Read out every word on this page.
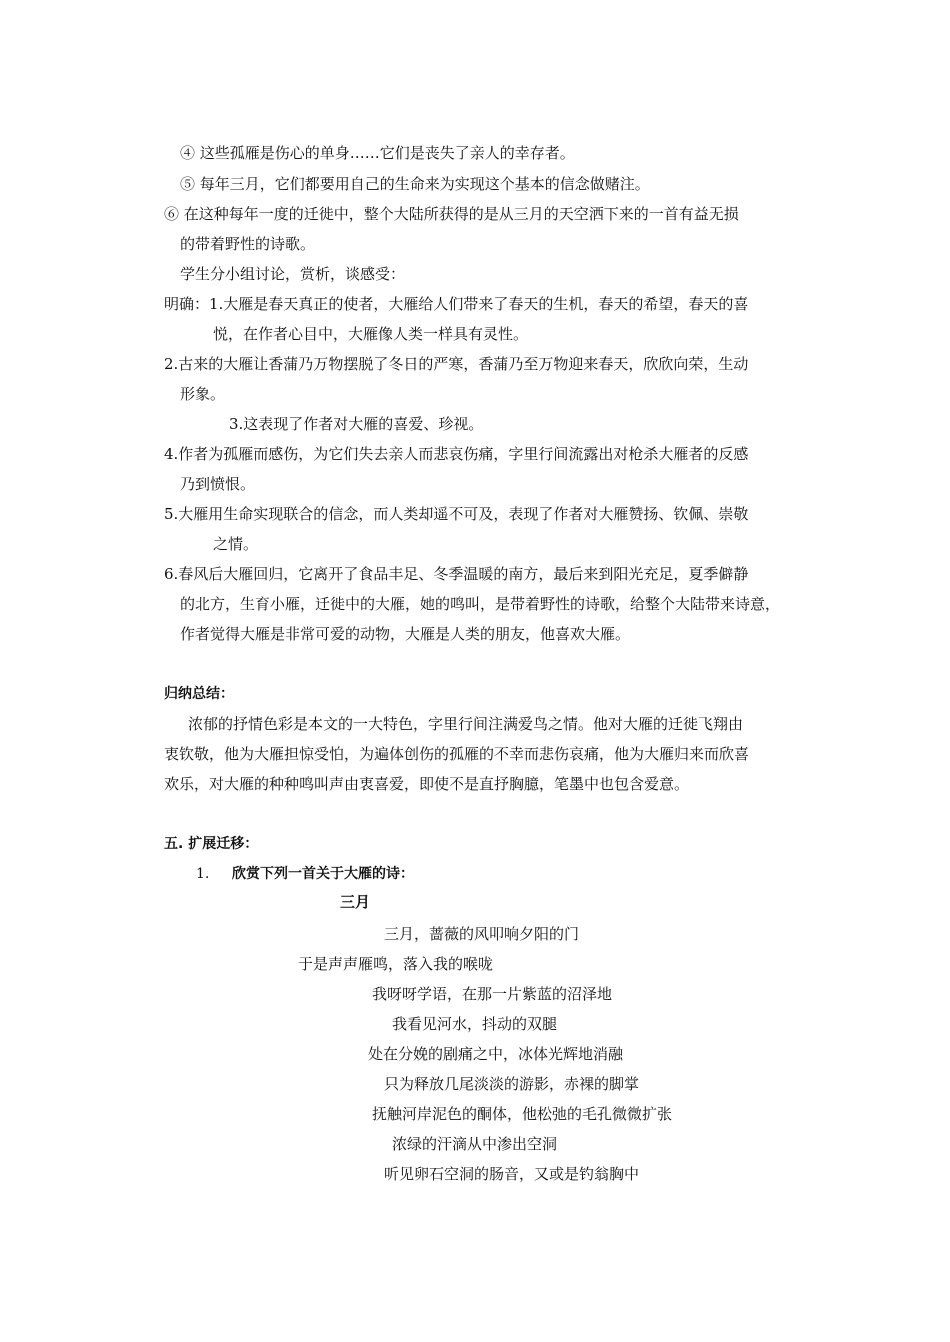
④ 这些孤雁是伤心的单身……它们是丧失了亲人的幸存者。
⑤ 每年三月，它们都要用自己的生命来为实现这个基本的信念做赌注。
⑥ 在这种每年一度的迁徙中，整个大陆所获得的是从三月的天空洒下来的一首有益无损
的带着野性的诗歌。
学生分小组讨论，赏析，谈感受：
明确：1.大雁是春天真正的使者，大雁给人们带来了春天的生机，春天的希望，春天的喜
悦，在作者心目中，大雁像人类一样具有灵性。
2.古来的大雁让香蒲乃万物摆脱了冬日的严寒，香蒲乃至万物迎来春天，欣欣向荣，生动
形象。
3.这表现了作者对大雁的喜爱、珍视。
4.作者为孤雁而感伤，为它们失去亲人而悲哀伤痛，字里行间流露出对枪杀大雁者的反感
乃到愤恨。
5.大雁用生命实现联合的信念，而人类却遥不可及，表现了作者对大雁赞扬、钦佩、崇敬
之情。
6.春风后大雁回归，它离开了食品丰足、冬季温暖的南方，最后来到阳光充足，夏季僻静
的北方，生育小雁，迁徙中的大雁，她的鸣叫，是带着野性的诗歌，给整个大陆带来诗意，
作者觉得大雁是非常可爱的动物，大雁是人类的朋友，他喜欢大雁。
归纳总结：
浓郁的抒情色彩是本文的一大特色，字里行间注满爱鸟之情。他对大雁的迁徙飞翔由
衷钦敬，他为大雁担惊受怕，为遍体创伤的孤雁的不幸而悲伤哀痛，他为大雁归来而欣喜
欢乐，对大雁的种种鸣叫声由衷喜爱，即使不是直抒胸臆，笔墨中也包含爱意。
五. 扩展迁移：
1. 欣赏下列一首关于大雁的诗：
三月
三月，蔷薇的风叩响夕阳的门
于是声声雁鸣，落入我的喉咙
我呀呀学语，在那一片紫蓝的沼泽地
我看见河水，抖动的双腿
处在分娩的剧痛之中，冰体光辉地消融
只为释放几尾淡淡的游影，赤裸的脚掌
抚触河岸泥色的酮体，他松弛的毛孔微微扩张
浓绿的汗滴从中渗出空洞
听见卵石空洞的肠音，又或是钓翁胸中
